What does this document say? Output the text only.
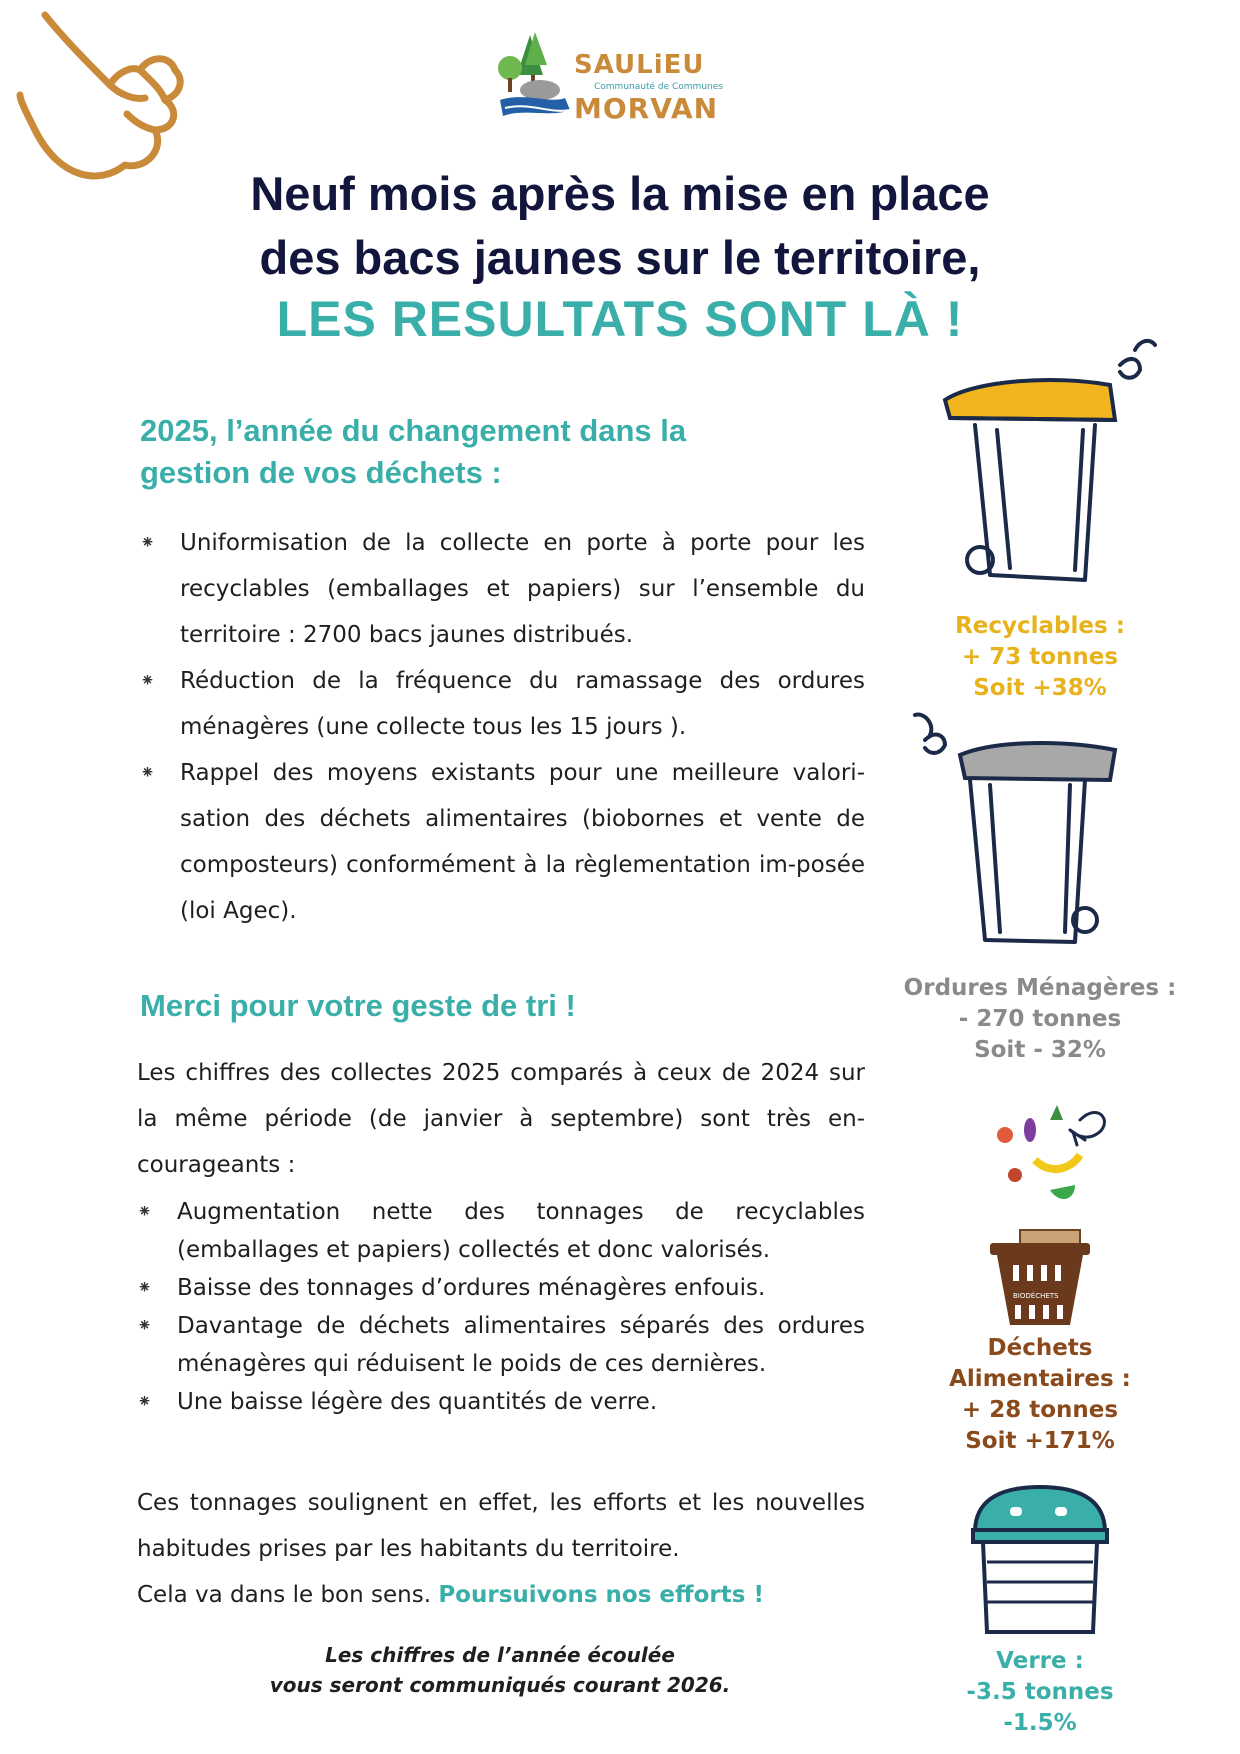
SAULiEU
Communauté de Communes
MORVAN
Neuf mois après la mise en place
des bacs jaunes sur le territoire,
LES RESULTATS SONT LÀ !
2025, l’année du changement dans la
gestion de vos déchets :
⁕ Uniformisation de la collecte en porte à porte pour les recyclables (emballages et papiers) sur l’ensemble du territoire : 2700 bacs jaunes distribués.
⁕ Réduction de la fréquence du ramassage des ordures ménagères (une collecte tous les 15 jours ).
⁕ Rappel des moyens existants pour une meilleure valori-sation des déchets alimentaires (biobornes et vente de composteurs) conformément à la règlementation im-posée (loi Agec).
Merci pour votre geste de tri !
Les chiffres des collectes 2025 comparés à ceux de 2024 sur la même période (de janvier à septembre) sont très en-courageants :
⁕ Augmentation nette des tonnages de recyclables (emballages et papiers) collectés et donc valorisés.
⁕ Baisse des tonnages d’ordures ménagères enfouis.
⁕ Davantage de déchets alimentaires séparés des ordures ménagères qui réduisent le poids de ces dernières.
⁕ Une baisse légère des quantités de verre.
Ces tonnages soulignent en effet, les efforts et les nouvelles habitudes prises par les habitants du territoire.
Cela va dans le bon sens. Poursuivons nos efforts !
Les chiffres de l’année écoulée
vous seront communiqués courant 2026.
Recyclables :
+ 73 tonnes
Soit +38%
Ordures Ménagères :
- 270 tonnes
Soit - 32%
BIODÉCHETS
Déchets
Alimentaires :
+ 28 tonnes
Soit +171%
Verre :
-3.5 tonnes
-1.5%
